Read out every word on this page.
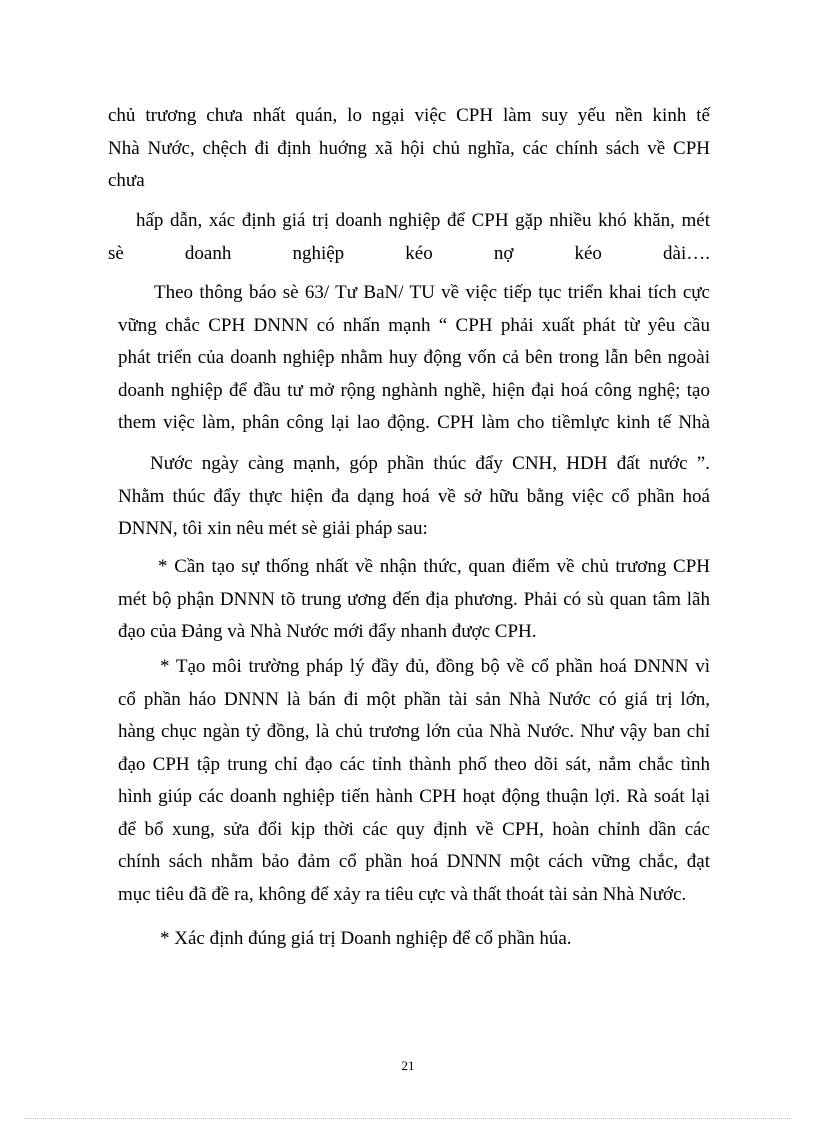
chủ trương chưa nhất quán, lo ngại việc CPH làm suy yếu nền kinh tế

Nhà Nước, chệch đi định huớng xã hội chủ nghĩa, các chính sách về CPH

chưa

hấp dẫn, xác định giá trị doanh nghiệp để CPH gặp nhiều khó khăn, mét

sè doanh nghiệp kéo nợ kéo dài….

Theo thông báo sè 63/ Tư BaN/ TU về việc tiếp tục triển khai tích cực

vững chắc CPH DNNN có nhấn mạnh “ CPH phải xuất phát từ yêu cầu

phát triển của doanh nghiệp nhằm huy động vốn cả bên trong lẫn bên ngoài

doanh nghiệp để đầu tư mở rộng nghành nghề, hiện đại hoá công nghệ; tạo

them việc làm, phân công lại lao động. CPH làm cho tiềmlực kinh tế Nhà

Nước ngày càng mạnh, góp phần thúc đẩy CNH, HDH đất nước ”.

Nhằm thúc đẩy thực hiện đa dạng hoá về sở hữu bằng việc cổ phần hoá

DNNN, tôi xin nêu mét sè giải pháp sau:

* Cần tạo sự thống nhất về nhận thức, quan điểm về chủ trương CPH

mét bộ phận DNNN tõ trung ương đến địa phương. Phải có sù quan tâm lãh

đạo của Đảng và Nhà Nước mới đẩy nhanh được CPH.

* Tạo môi trường pháp lý đầy đủ, đồng bộ về cổ phần hoá DNNN vì

cổ phần háo DNNN là bán đi một phần tài sản Nhà Nước có giá trị lớn,

hàng chục ngàn tỷ đồng, là chủ trương lớn của Nhà Nước. Như vậy ban chỉ

đạo CPH tập trung chỉ đạo các tỉnh thành phố theo dõi sát, nắm chắc tình

hình giúp các doanh nghiệp tiến hành CPH hoạt động thuận lợi. Rà soát lại

để bổ xung, sửa đổi kịp thời các quy định về CPH, hoàn chỉnh dần các

chính sách nhằm bảo đảm cổ phần hoá DNNN một cách vững chắc, đạt

mục tiêu đã đề ra, không để xảy ra tiêu cực và thất thoát tài sản Nhà Nước.

* Xác định đúng giá trị Doanh nghiệp để cổ phần húa.

21
